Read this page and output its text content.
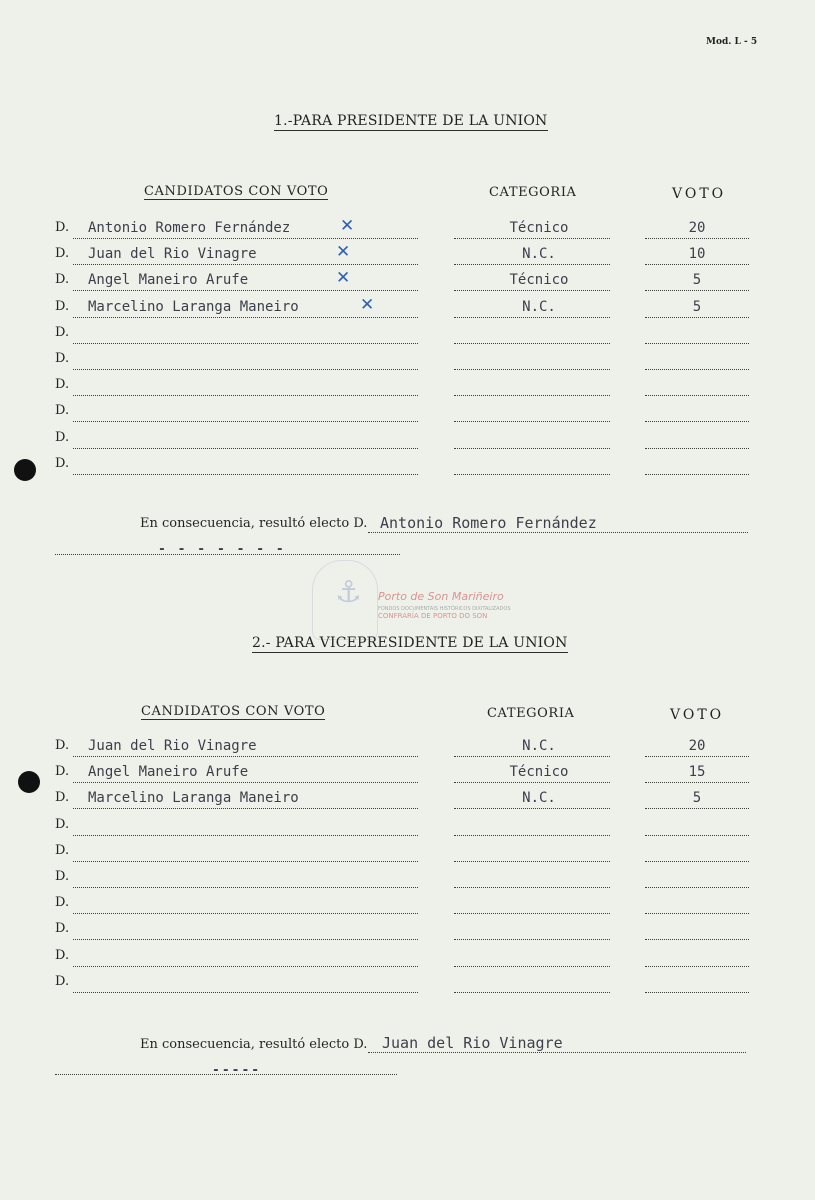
Mod. L - 5
1.-PARA PRESIDENTE DE LA UNION
CANDIDATOS CON VOTO	CATEGORIA	VOTO
D. Antonio Romero Fernández	Técnico	20
✕
D. Juan del Rio Vinagre	N.C.	10
✕
D. Angel Maneiro Arufe	Técnico	5
✕
D. Marcelino Laranga Maneiro	N.C.	5
✕
D.
D.
D.
D.
D.
D.
En consecuencia, resultó electo D. Antonio Romero Fernández
- - - - - - -
⚓ Porto de Son Mariñeiro
FONDOS DOCUMENTAIS HISTÓRICOS DIXITALIZADOS
CONFRARÍA DE PORTO DO SON
2.- PARA VICEPRESIDENTE DE LA UNION
CANDIDATOS CON VOTO	CATEGORIA	VOTO
D. Juan del Rio Vinagre	N.C.	20
D. Angel Maneiro Arufe	Técnico	15
D. Marcelino Laranga Maneiro	N.C.	5
D.
D.
D.
D.
D.
D.
D.
En consecuencia, resultó electo D. Juan del Rio Vinagre
-----
